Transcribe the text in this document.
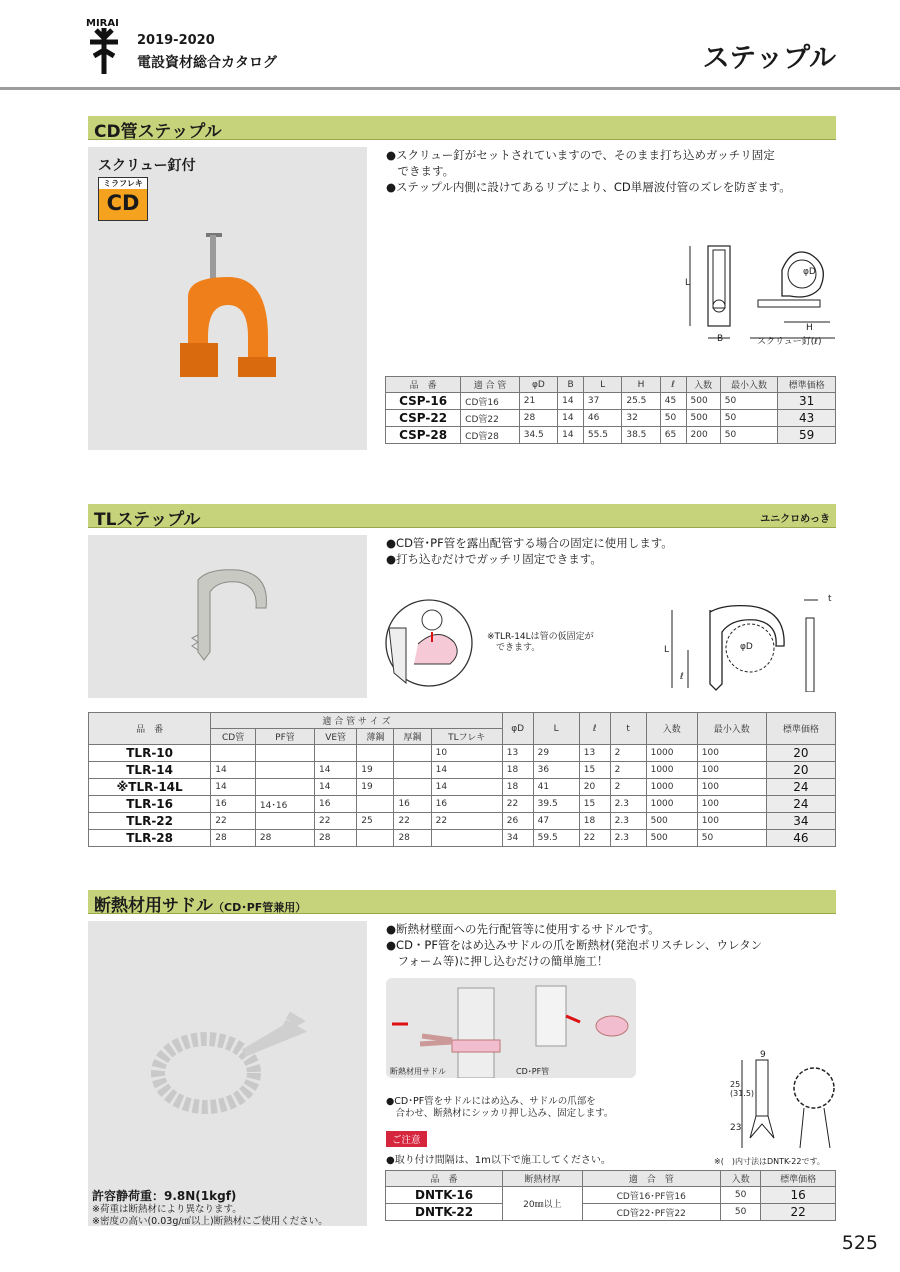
MIRAI
2019-2020
電設資材総合カタログ	ステップル
CD管ステップル
スクリュー釘付
ミラフレキ
CD
●スクリュー釘がセットされていますので、そのまま打ち込めガッチリ固定
　できます。
●ステップル内側に設けてあるリブにより、CD単層波付管のズレを防ぎます。
L
B
φD
H
スクリュー釘(ℓ)
品　番	適 合 管	φD	B	L	H	ℓ	入数	最小入数	標準価格
CSP-16	CD管16	21	14	37	25.5	45	500	50	31
CSP-22	CD管22	28	14	46	32	50	500	50	43
CSP-28	CD管28	34.5	14	55.5	38.5	65	200	50	59
TLステップル	ユニクロめっき
●CD管･PF管を露出配管する場合の固定に使用します。
●打ち込むだけでガッチリ固定できます。
※TLR-14Lは管の仮固定が
　できます。	L
ℓ
φD
t
品　番	適 合 管 サ イ ズ						φD	L	ℓ	t	入数	最小入数	標準価格
	CD管	PF管	VE管	薄鋼	厚鋼	TLフレキ							
TLR-10						10	13	29	13	2	1000	100	20
TLR-14	14		14	19		14	18	36	15	2	1000	100	20
※TLR-14L	14		14	19		14	18	41	20	2	1000	100	24
TLR-16	16	14･16	16		16	16	22	39.5	15	2.3	1000	100	24
TLR-22	22		22	25	22	22	26	47	18	2.3	500	100	34
TLR-28	28	28	28		28		34	59.5	22	2.3	500	50	46
断熱材用サドル（CD･PF管兼用）
許容静荷重：9.8N(1kgf)
※荷重は断熱材により異なります。
※密度の高い(0.03g/㎤以上)断熱材にご使用ください。
●断熱材壁面への先行配管等に使用するサドルです。
●CD・PF管をはめ込みサドルの爪を断熱材(発泡ポリスチレン、ウレタン
　フォーム等)に押し込むだけの簡単施工！
断熱材用サドル	CD･PF管
●CD･PF管をサドルにはめ込み、サドルの爪部を
　合わせ、断熱材にシッカリ押し込み、固定します。
ご注意
●取り付け間隔は、1m以下で施工してください。
9
25
(31.5)
23
※(　)内寸法はDNTK-22です。
品　番	断熱材厚	適　合　管	入数	標準価格
DNTK-16	20㎜以上	CD管16･PF管16	50	16
DNTK-22		CD管22･PF管22	50	22
525
